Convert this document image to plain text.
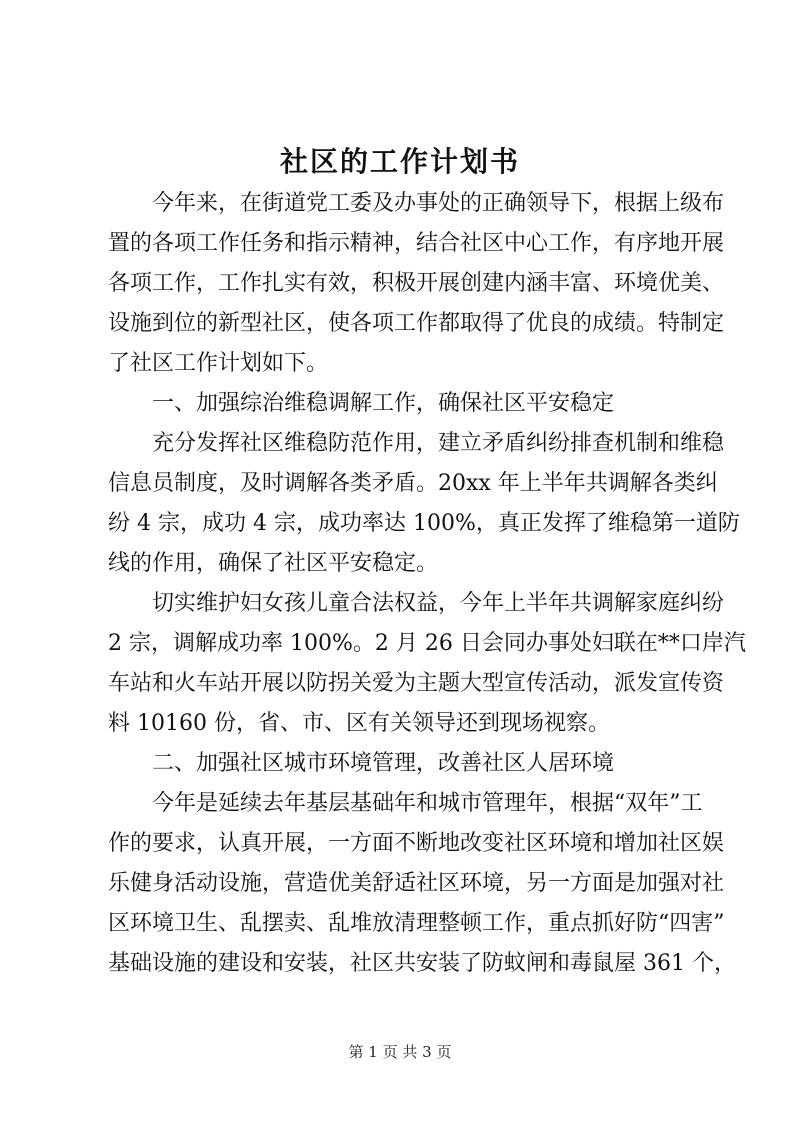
社区的工作计划书
今年来，在街道党工委及办事处的正确领导下，根据上级布
置的各项工作任务和指示精神，结合社区中心工作，有序地开展
各项工作，工作扎实有效，积极开展创建内涵丰富、环境优美、
设施到位的新型社区，使各项工作都取得了优良的成绩。特制定
了社区工作计划如下。
一、加强综治维稳调解工作，确保社区平安稳定
充分发挥社区维稳防范作用，建立矛盾纠纷排查机制和维稳
信息员制度，及时调解各类矛盾。20xx 年上半年共调解各类纠
纷 4 宗，成功 4 宗，成功率达 100%，真正发挥了维稳第一道防
线的作用，确保了社区平安稳定。
切实维护妇女孩儿童合法权益，今年上半年共调解家庭纠纷
2 宗，调解成功率 100%。2 月 26 日会同办事处妇联在**口岸汽
车站和火车站开展以防拐关爱为主题大型宣传活动，派发宣传资
料 10160 份，省、市、区有关领导还到现场视察。
二、加强社区城市环境管理，改善社区人居环境
今年是延续去年基层基础年和城市管理年，根据“双年”工
作的要求，认真开展，一方面不断地改变社区环境和增加社区娱
乐健身活动设施，营造优美舒适社区环境，另一方面是加强对社
区环境卫生、乱摆卖、乱堆放清理整顿工作，重点抓好防“四害”
基础设施的建设和安装，社区共安装了防蚊闸和毒鼠屋 361 个，
第 1 页 共 3 页
